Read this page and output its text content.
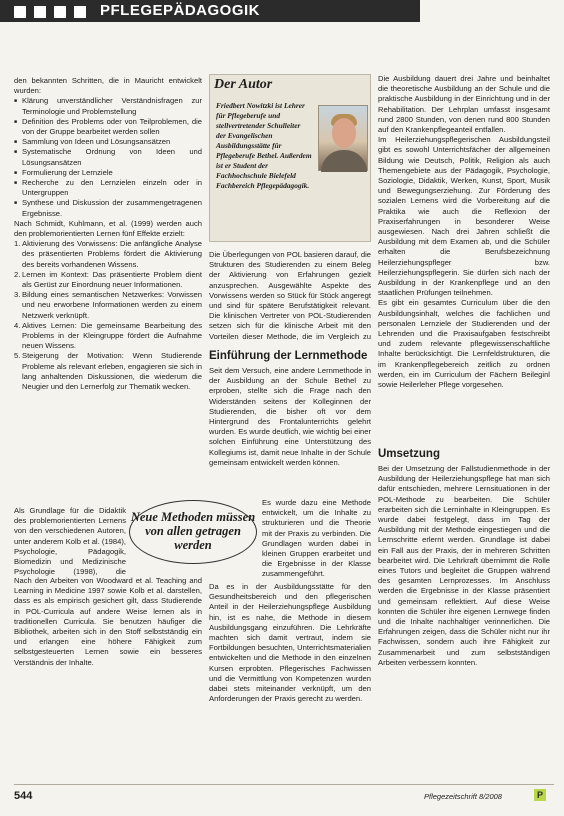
PFLEGEPÄDAGOGIK

den bekannten Schritten, die in Mauricht entwickelt wurden:

■ Klärung unverständlicher Verständnisfragen zur Terminologie und Problemstellung
■ Definition des Problems oder von Teilproblemen, die von der Gruppe bearbeitet werden sollen
■ Sammlung von Ideen und Lösungsansätzen
■ Systematische Ordnung von Ideen und Lösungsansätzen
■ Formulierung der Lernziele
■ Recherche zu den Lernzielen einzeln oder in Untergruppen
■ Synthese und Diskussion der zusammengetragenen Ergebnisse.

Nach Schmidt, Kuhlmann, et al. (1999) werden auch den problemorientierten Lernen fünf Effekte erzielt:

1. Aktivierung des Vorwissens: Die anfängliche Analyse des präsentierten Problems fördert die Aktivierung des bereits vorhandenen Wissens.
2. Lernen im Kontext: Das präsentierte Problem dient als Gerüst zur Einordnung neuer Informationen.
3. Bildung eines semantischen Netzwerkes: Vorwissen und neu erworbene Informationen werden zu einem Netzwerk verknüpft.
4. Aktives Lernen: Die gemeinsame Bearbeitung des Problems in der Kleingruppe fördert die Aufnahme neuen Wissens.
5. Steigerung der Motivation: Wenn Studierende Probleme als relevant erleben, engagieren sie sich in lang anhaltenden Diskussionen, die wiederum die Neugier und den Lernerfolg zur Thematik wecken.

Als Grundlage für die Didaktik des problemorientierten Lernens von den verschiedenen Autoren, unter anderem Kolb et al. (1984), Psychologie, Pädagogik, Biomedizin und Medizinische Psychologie (1998), die

Nach den Arbeiten von Woodward et al. Teaching and Learning in Medicine 1997 sowie Kolb et al. darstellen, dass es als empirisch gesichert gilt, dass Studierende in POL-Curricula auf andere Weise lernen als in traditionellen Curricula. Sie benutzen häufiger die Bibliothek, arbeiten sich in den Stoff selbstständig ein und erlangen eine höhere Fähigkeit zum selbstgesteuerten Lernen sowie ein besseres Verständnis der Inhalte.

Der Autor
Friedbert Nowitzki ist Lehrer für Pflegeberufe und stellvertretender Schulleiter der Evangelischen Ausbildungsstätte für Pflegeberufe Bethel. Außerdem ist er Student der Fachhochschule Bielefeld Fachbereich Pflegepädagogik.

Die Überlegungen von POL basieren darauf, die Strukturen des Studierenden zu einem Beleg der Aktivierung von Erfahrungen gezielt anzusprechen. Ausgewählte Aspekte des Vorwissens werden so Stück für Stück angeregt und sind für spätere Berufstätigkeit relevant. Die klinischen Vertreter von POL-Studierenden setzen sich für die klinische Arbeit mit den Vorteilen dieser Methode, die im Vergleich zu

Einführung der Lernmethode

Seit dem Versuch, eine andere Lernmethode in der Ausbildung an der Schule Bethel zu erproben, stellte sich die Frage nach den Widerständen seitens der Kolleginnen der Studierenden, die bisher oft vor dem Hintergrund des Frontalunterrichts gelehrt wurden. Es wurde deutlich, wie wichtig bei einer solchen Einführung eine Unterstützung des Kollegiums ist, damit neue Inhalte in der Schule gemeinsam entwickelt werden können.

Es wurde dazu eine Methode entwickelt, um die Inhalte zu strukturieren und die Theorie mit der Praxis zu verbinden. Die Grundlagen wurden dabei in kleinen Gruppen erarbeitet und die Ergebnisse in der Klasse zusammengeführt.

Da es in der Ausbildungsstätte für den Gesundheitsbereich und den pflegerischen Anteil in der Heilerziehungspflege Ausbildung hin, ist es nahe, die Methode in diesem Ausbildungsgang einzuführen. Die Lehrkräfte machten sich damit vertraut, indem sie Fortbildungen besuchten, Unterrichtsmaterialien entwickelten und die Methode in den einzelnen Kursen erprobten. Pflegerisches Fachwissen und die Vermittlung von Kompetenzen wurden dabei stets miteinander verknüpft, um den Anforderungen der Praxis gerecht zu werden.

Neue Methoden müssen von allen getragen werden

Die Ausbildung dauert drei Jahre und beinhaltet die theoretische Ausbildung an der Schule und die praktische Ausbildung in der Einrichtung und in der Rehabilitation. Der Lehrplan umfasst insgesamt rund 2800 Stunden, von denen rund 800 Stunden auf den Krankenpflegeanteil entfallen.

Im Heilerziehungspflegerischen Ausbildungsteil gibt es sowohl Unterrichtsfächer der allgemeinen Bildung wie Deutsch, Politik, Religion als auch Themengebiete aus der Pädagogik, Psychologie, Soziologie, Didaktik, Werken, Kunst, Sport, Musik und Bewegungserziehung. Zur Förderung des sozialen Lernens wird die Vorbereitung auf die Praktika wie auch die Reflexion der Praxiserfahrungen in besonderer Weise ausgewiesen. Nach drei Jahren schließt die Ausbildung mit dem Examen ab, und die Schüler erhalten die Berufsbezeichnung Heilerziehungspfleger bzw. Heilerziehungspflegerin. Sie dürfen sich nach der Ausbildung in der Krankenpflege und an den staatlichen Prüfungen teilnehmen.

Es gibt ein gesamtes Curriculum über die den Ausbildungsinhalt, welches die fachlichen und personalen Lernziele der Studierenden und der Lehrenden und die Praxisaufgaben festschreibt und zudem relevante pflegewissenschaftliche Inhalte berücksichtigt. Die Lernfeldstrukturen, die im Krankenpflegebereich zeitlich zu ordnen werden, ein im Curriculum der Fächern Beileginl sowie Heilerleher Pflege vorgesehen.

Umsetzung

Bei der Umsetzung der Fallstudienmethode in der Ausbildung der Heilerziehungspflege hat man sich dafür entschieden, mehrere Lernsituationen in der POL-Methode zu bearbeiten. Die Schüler erarbeiten sich die Lerninhalte in Kleingruppen. Es wurde dabei festgelegt, dass im Tag der Ausbildung mit der Methode eingestiegen und die Lernschritte erlernt werden. Grundlage ist dabei ein Fall aus der Praxis, der in mehreren Schritten bearbeitet wird. Die Lehrkraft übernimmt die Rolle eines Tutors und begleitet die Gruppen während des gesamten Lernprozesses. Im Anschluss werden die Ergebnisse in der Klasse präsentiert und gemeinsam reflektiert. Auf diese Weise konnten die Schüler ihre eigenen Lernwege finden und die Inhalte nachhaltiger verinnerlichen. Die Erfahrungen zeigen, dass die Schüler nicht nur ihr Fachwissen, sondern auch ihre Fähigkeit zur Zusammenarbeit und zum selbstständigen Arbeiten verbessern konnten.

544	Pflegezeitschrift 8/2008	P
